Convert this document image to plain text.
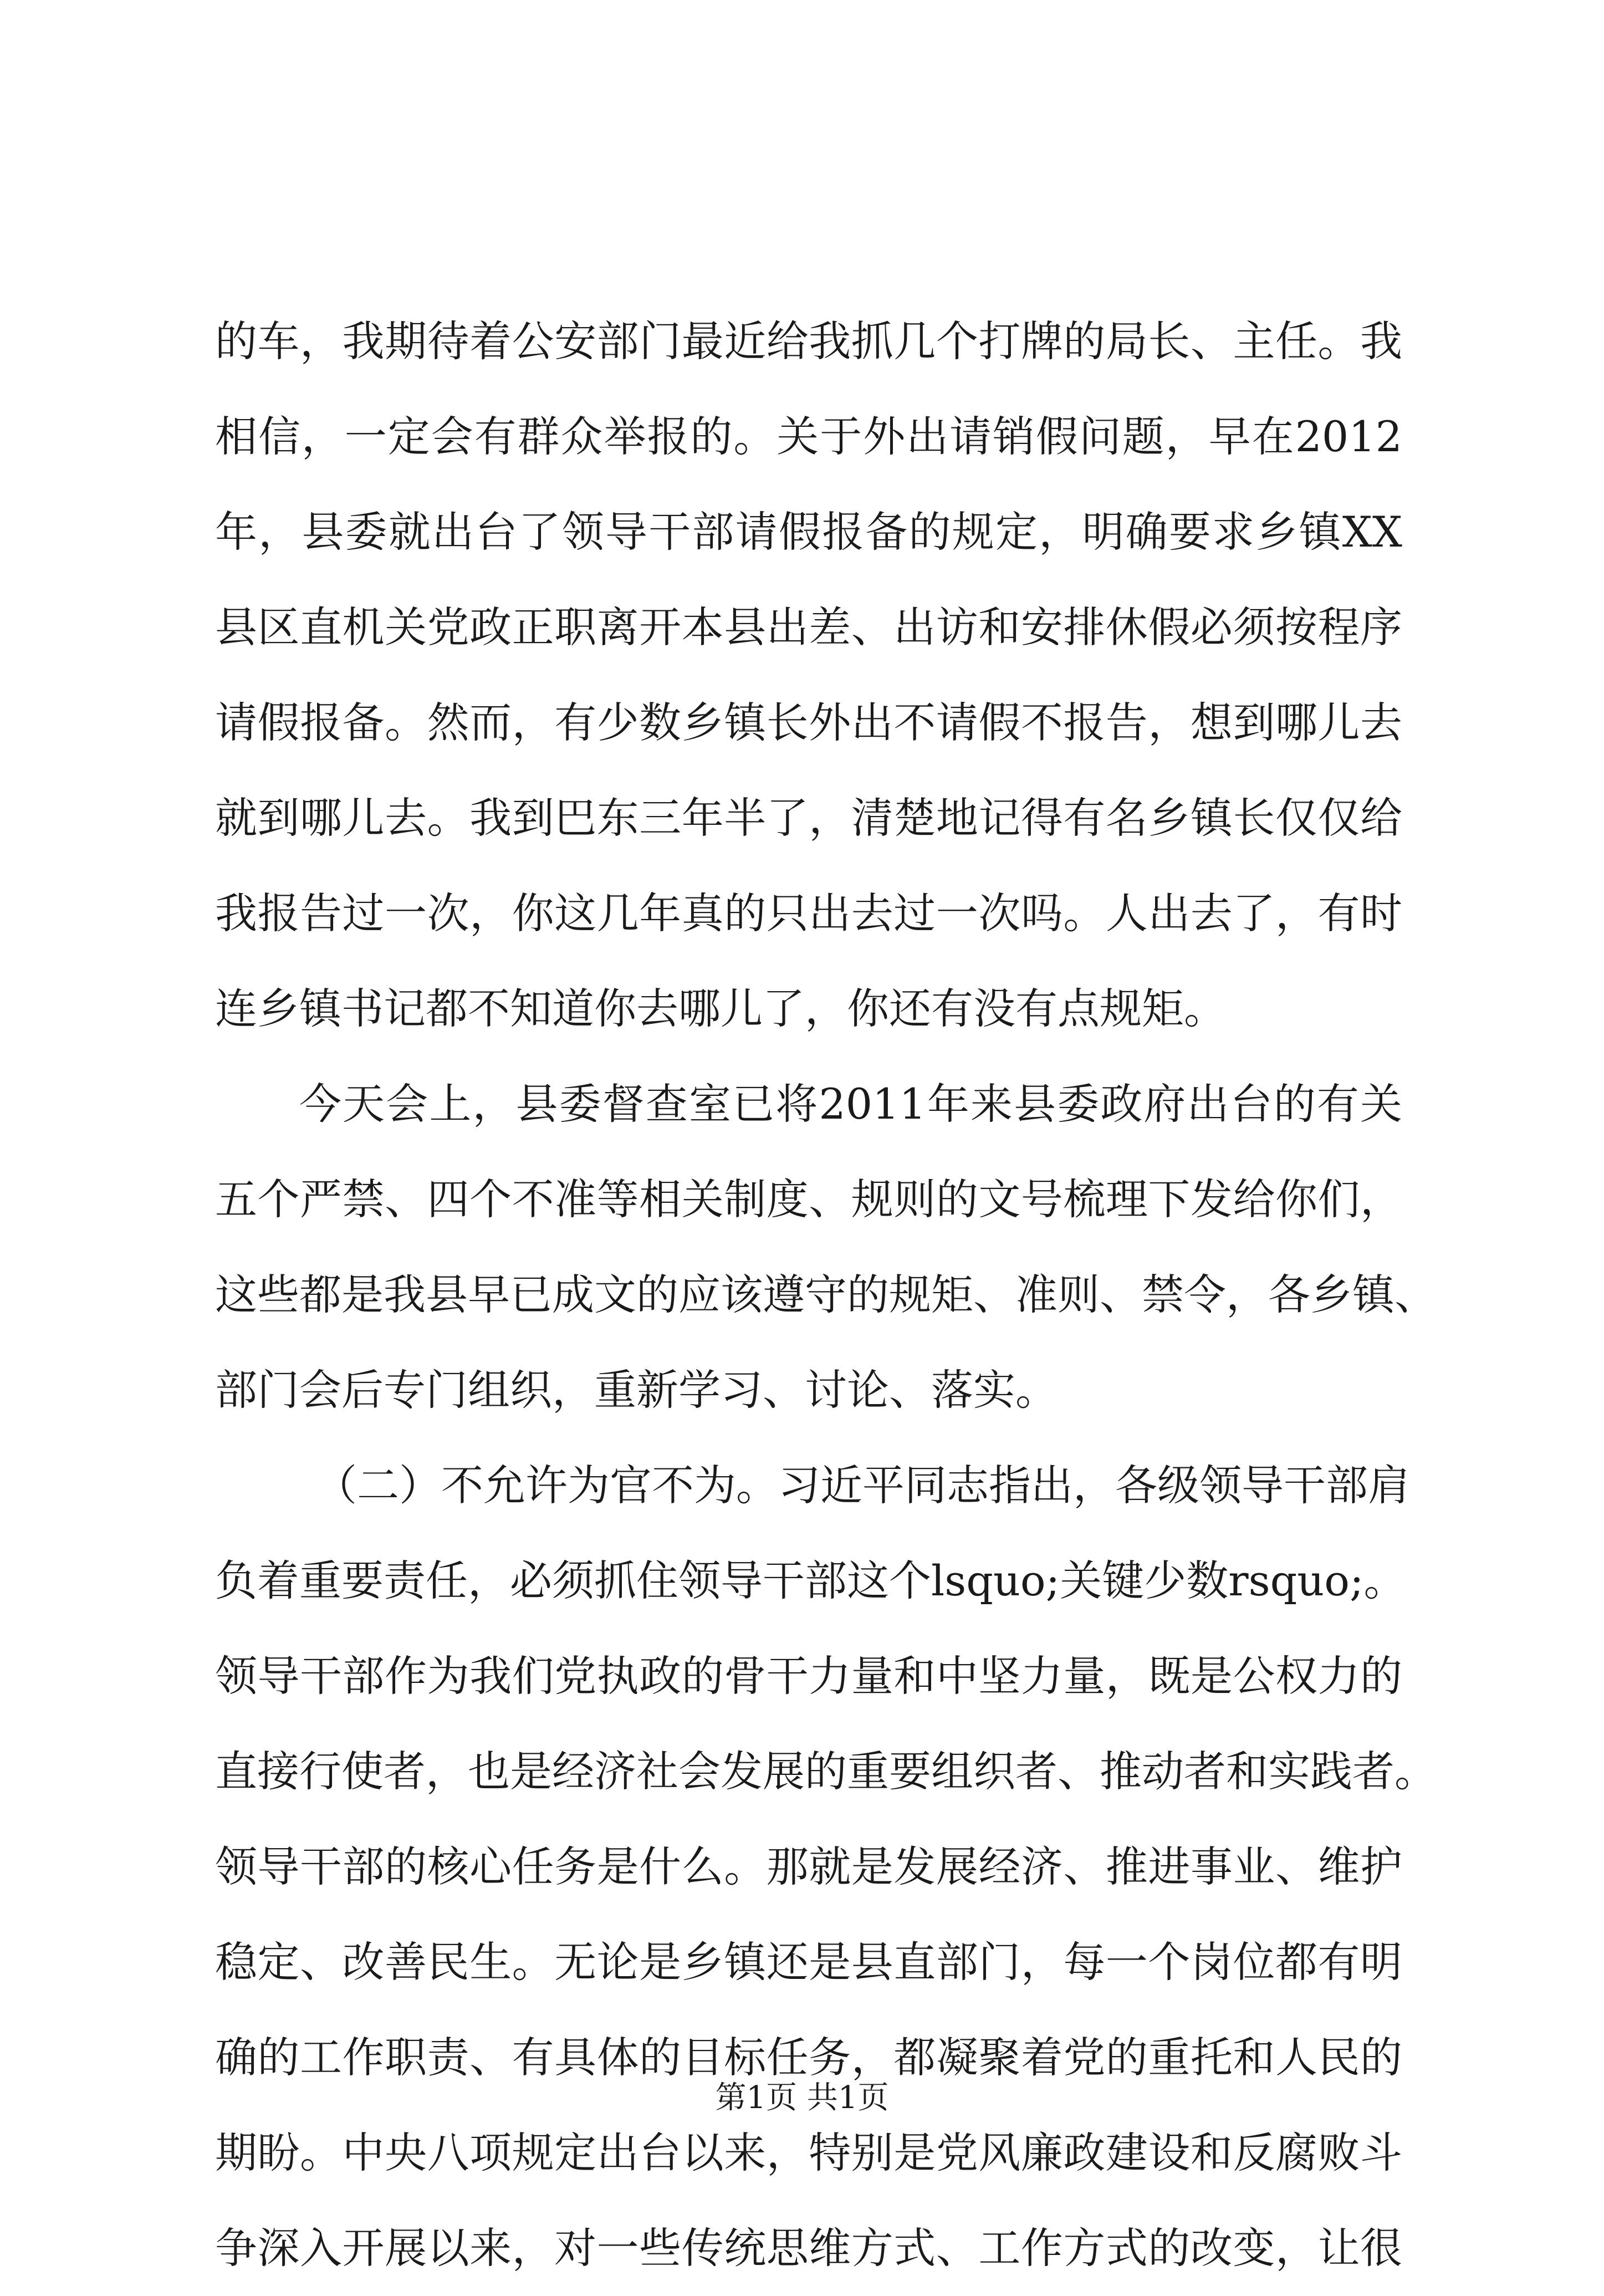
的车，我期待着公安部门最近给我抓几个打牌的局长、主任。我
相信，一定会有群众举报的。关于外出请销假问题，早在2012
年，县委就出台了领导干部请假报备的规定，明确要求乡镇XX
县区直机关党政正职离开本县出差、出访和安排休假必须按程序
请假报备。然而，有少数乡镇长外出不请假不报告，想到哪儿去
就到哪儿去。我到巴东三年半了，清楚地记得有名乡镇长仅仅给
我报告过一次，你这几年真的只出去过一次吗。人出去了，有时
连乡镇书记都不知道你去哪儿了，你还有没有点规矩。
今天会上，县委督查室已将2011年来县委政府出台的有关
五个严禁、四个不准等相关制度、规则的文号梳理下发给你们，
这些都是我县早已成文的应该遵守的规矩、准则、禁令，各乡镇、
部门会后专门组织，重新学习、讨论、落实。
（二）不允许为官不为。习近平同志指出，各级领导干部肩
负着重要责任，必须抓住领导干部这个lsquo;关键少数rsquo;。
领导干部作为我们党执政的骨干力量和中坚力量，既是公权力的
直接行使者，也是经济社会发展的重要组织者、推动者和实践者。
领导干部的核心任务是什么。那就是发展经济、推进事业、维护
稳定、改善民生。无论是乡镇还是县直部门，每一个岗位都有明
确的工作职责、有具体的目标任务，都凝聚着党的重托和人民的
期盼。中央八项规定出台以来，特别是党风廉政建设和反腐败斗
争深入开展以来，对一些传统思维方式、工作方式的改变，让很
第1页 共1页
